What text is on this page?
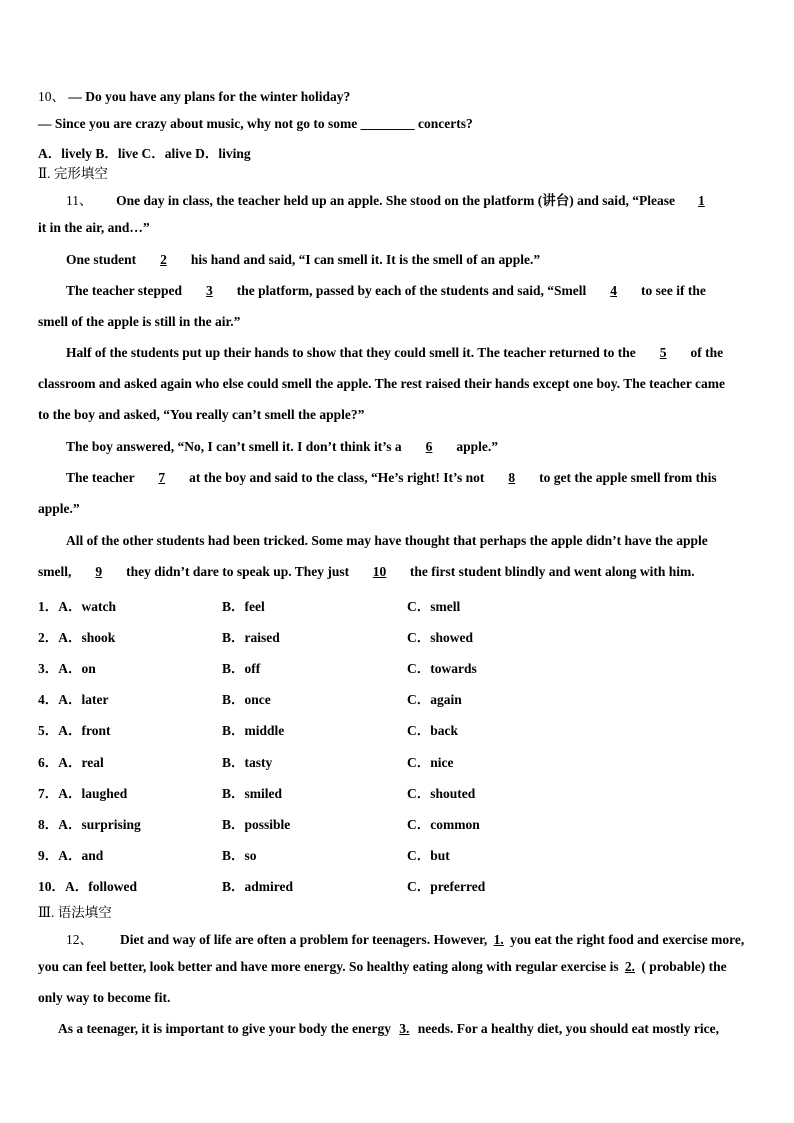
10、 — Do you have any plans for the winter holiday?
— Since you are crazy about music, why not go to some ________ concerts?
A．lively B．live C．alive D．living
Ⅱ. 完形填空
11、 One day in class, the teacher held up an apple. She stood on the platform (讲台) and said, “Please 1
it in the air, and…”
One student 2 his hand and said, “I can smell it. It is the smell of an apple.”
The teacher stepped 3 the platform, passed by each of the students and said, “Smell 4 to see if the
smell of the apple is still in the air.”
Half of the students put up their hands to show that they could smell it. The teacher returned to the 5 of the
classroom and asked again who else could smell the apple. The rest raised their hands except one boy. The teacher came
to the boy and asked, “You really can’t smell the apple?”
The boy answered, “No, I can’t smell it. I don’t think it’s a 6 apple.”
The teacher 7 at the boy and said to the class, “He’s right! It’s not 8 to get the apple smell from this
apple.”
All of the other students had been tricked. Some may have thought that perhaps the apple didn’t have the apple
smell, 9 they didn’t dare to speak up. They just 10 the first student blindly and went along with him.
1．A．watch	B．feel	C．smell
2．A．shook	B．raised	C．showed
3．A．on	B．off	C．towards
4．A．later	B．once	C．again
5．A．front	B．middle	C．back
6．A．real	B．tasty	C．nice
7．A．laughed	B．smiled	C．shouted
8．A．surprising	B．possible	C．common
9．A．and	B．so	C．but
10．A．followed	B．admired	C．preferred
Ⅲ. 语法填空
12、 Diet and way of life are often a problem for teenagers. However, 1. you eat the right food and exercise more,
you can feel better, look better and have more energy. So healthy eating along with regular exercise is 2. ( probable) the
only way to become fit.
As a teenager, it is important to give your body the energy 3. needs. For a healthy diet, you should eat mostly rice,
